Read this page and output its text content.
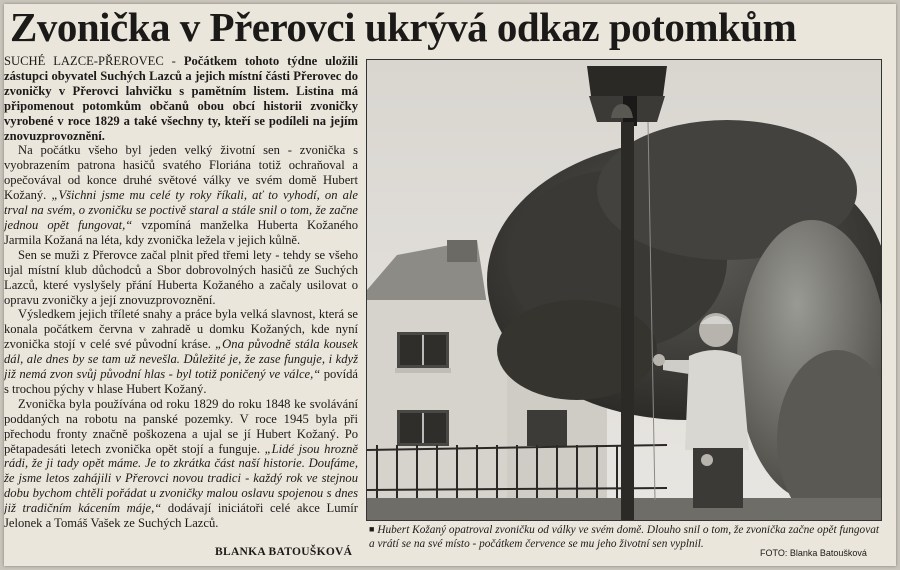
Zvonička v Přerovci ukrývá odkaz potomkům

SUCHÉ LAZCE-PŘEROVEC - Počátkem tohoto týdne uložili zástupci obyvatel Suchých Lazců a jejich místní části Přerovec do zvoničky v Přerovci lahvičku s pamětním listem. Listina má připomenout potomkům občanů obou obcí historii zvoničky vyrobené v roce 1829 a také všechny ty, kteří se podíleli na jejím znovuzprovoznění.

Na počátku všeho byl jeden velký životní sen - zvonička s vyobrazením patrona hasičů svatého Floriána totiž ochraňoval a opečovával od konce druhé světové války ve svém domě Hubert Kožaný. „Všichni jsme mu celé ty roky říkali, ať to vyhodí, on ale trval na svém, o zvoničku se poctivě staral a stále snil o tom, že začne jednou opět fungovat,“ vzpomíná manželka Huberta Kožaného Jarmila Kožaná na léta, kdy zvonička ležela v jejich kůlně.

Sen se muži z Přerovce začal plnit před třemi lety - tehdy se všeho ujal místní klub důchodců a Sbor dobrovolných hasičů ze Suchých Lazců, které vyslyšely přání Huberta Kožaného a začaly usilovat o opravu zvoničky a její znovuzprovoznění.

Výsledkem jejich tříleté snahy a práce byla velká slavnost, která se konala počátkem června v zahradě u domku Kožaných, kde nyní zvonička stojí v celé své původní kráse. „Ona původně stála kousek dál, ale dnes by se tam už nevešla. Důležité je, že zase funguje, i když již nemá zvon svůj původní hlas - byl totiž poničený ve válce,“ povídá s trochou pýchy v hlase Hubert Kožaný.

Zvonička byla používána od roku 1829 do roku 1848 ke svolávání poddaných na robotu na panské pozemky. V roce 1945 byla při přechodu fronty značně poškozena a ujal se jí Hubert Kožaný. Po pětapadesáti letech zvonička opět stojí a funguje. „Lidé jsou hrozně rádi, že ji tady opět máme. Je to zkrátka část naší historie. Doufáme, že jsme letos zahájili v Přerovci novou tradici - každý rok ve stejnou dobu bychom chtěli pořádat u zvoničky malou oslavu spojenou s dnes již tradičním kácením máje,“ dodávají iniciátoři celé akce Lumír Jelonek a Tomáš Vašek ze Suchých Lazců.

BLANKA BATOUŠKOVÁ
■ Hubert Kožaný opatroval zvoničku od války ve svém domě. Dlouho snil o tom, že zvonička začne opět fungovat a vrátí se na své místo - počátkem července se mu jeho životní sen vyplnil.
FOTO: Blanka Batoušková
